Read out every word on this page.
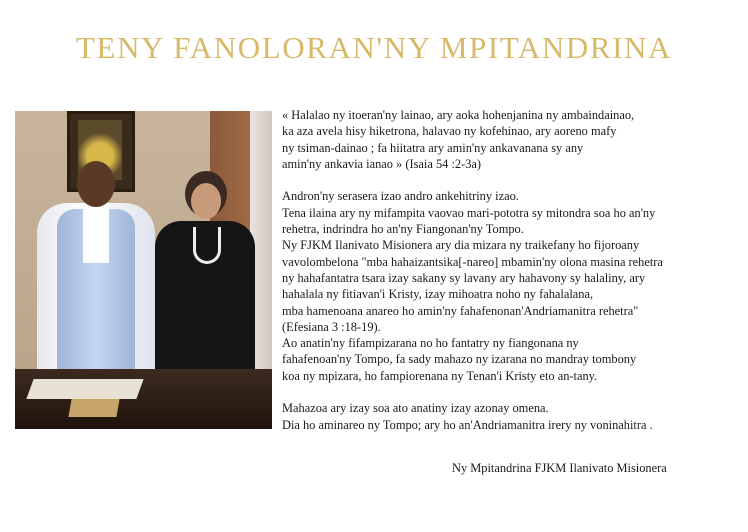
TENY FANOLORAN'NY MPITANDRINA
« Halalao ny itoeran'ny lainao, ary aoka hohenjanina ny ambaindainao,
ka aza avela hisy hiketrona, halavao ny kofehinao, ary aoreno mafy
ny tsiman-dainao ; fa hiitatra ary amin'ny ankavanana sy any
amin'ny ankavia ianao » (Isaia 54 :2-3a)
Andron'ny serasera izao andro ankehitriny izao.
Tena ilaina ary ny mifampita vaovao mari-pototra sy mitondra soa ho an'ny
rehetra, indrindra ho an'ny Fiangonan'ny Tompo.
Ny FJKM Ilanivato Misionera ary dia mizara ny traikefany ho fijoroany
vavolombelona "mba hahaizantsika[-nareo] mbamin'ny olona masina rehetra
ny hahafantatra tsara izay sakany sy lavany ary hahavony sy halaliny, ary
hahalala ny fitiavan'i Kristy, izay mihoatra noho ny fahalalana,
mba hamenoana anareo ho amin'ny fahafenonan'Andriamanitra rehetra"
(Efesiana 3 :18-19).
Ao anatin'ny fifampizarana no ho fantatry ny fiangonana ny
fahafenoan'ny Tompo, fa sady mahazo ny izarana no mandray tombony
koa ny mpizara, ho fampiorenana ny Tenan'i Kristy eto an-tany.
Mahazoa ary izay soa ato anatiny izay azonay omena.
Dia ho aminareo ny Tompo; ary ho an'Andriamanitra irery ny voninahitra .
Ny Mpitandrina FJKM Ilanivato Misionera
